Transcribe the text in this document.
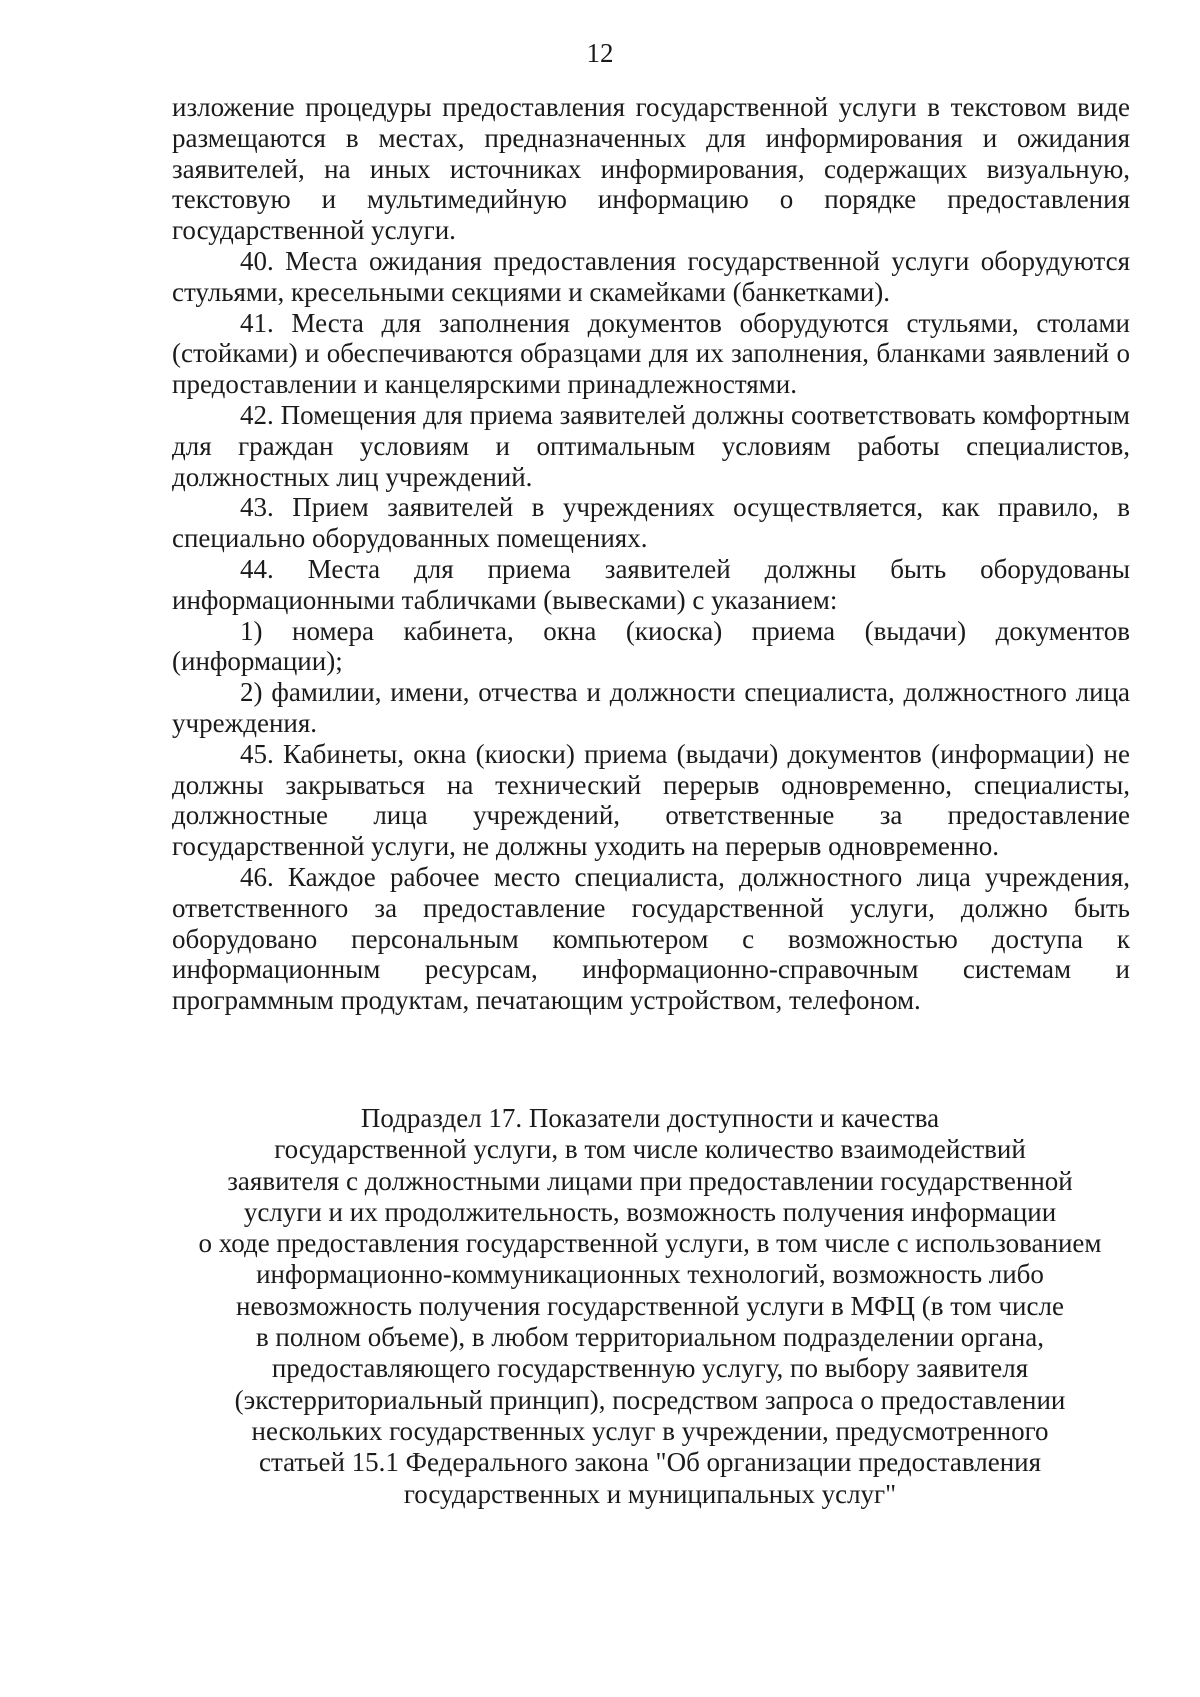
12

изложение процедуры предоставления государственной услуги в текстовом виде размещаются в местах, предназначенных для информирования и ожидания заявителей, на иных источниках информирования, содержащих визуальную, текстовую и мультимедийную информацию о порядке предоставления государственной услуги.

40. Места ожидания предоставления государственной услуги оборудуются стульями, кресельными секциями и скамейками (банкетками).

41. Места для заполнения документов оборудуются стульями, столами (стойками) и обеспечиваются образцами для их заполнения, бланками заявлений о предоставлении и канцелярскими принадлежностями.

42. Помещения для приема заявителей должны соответствовать комфортным для граждан условиям и оптимальным условиям работы специалистов, должностных лиц учреждений.

43. Прием заявителей в учреждениях осуществляется, как правило, в специально оборудованных помещениях.

44. Места для приема заявителей должны быть оборудованы информационными табличками (вывесками) с указанием:

1) номера кабинета, окна (киоска) приема (выдачи) документов (информации);

2) фамилии, имени, отчества и должности специалиста, должностного лица учреждения.

45. Кабинеты, окна (киоски) приема (выдачи) документов (информации) не должны закрываться на технический перерыв одновременно, специалисты, должностные лица учреждений, ответственные за предоставление государственной услуги, не должны уходить на перерыв одновременно.

46. Каждое рабочее место специалиста, должностного лица учреждения, ответственного за предоставление государственной услуги, должно быть оборудовано персональным компьютером с возможностью доступа к информационным ресурсам, информационно-справочным системам и программным продуктам, печатающим устройством, телефоном.

Подраздел 17. Показатели доступности и качества
государственной услуги, в том числе количество взаимодействий
заявителя с должностными лицами при предоставлении государственной
услуги и их продолжительность, возможность получения информации
о ходе предоставления государственной услуги, в том числе с использованием
информационно-коммуникационных технологий, возможность либо
невозможность получения государственной услуги в МФЦ (в том числе
в полном объеме), в любом территориальном подразделении органа,
предоставляющего государственную услугу, по выбору заявителя
(экстерриториальный принцип), посредством запроса о предоставлении
нескольких государственных услуг в учреждении, предусмотренного
статьей 15.1 Федерального закона "Об организации предоставления
государственных и муниципальных услуг"
